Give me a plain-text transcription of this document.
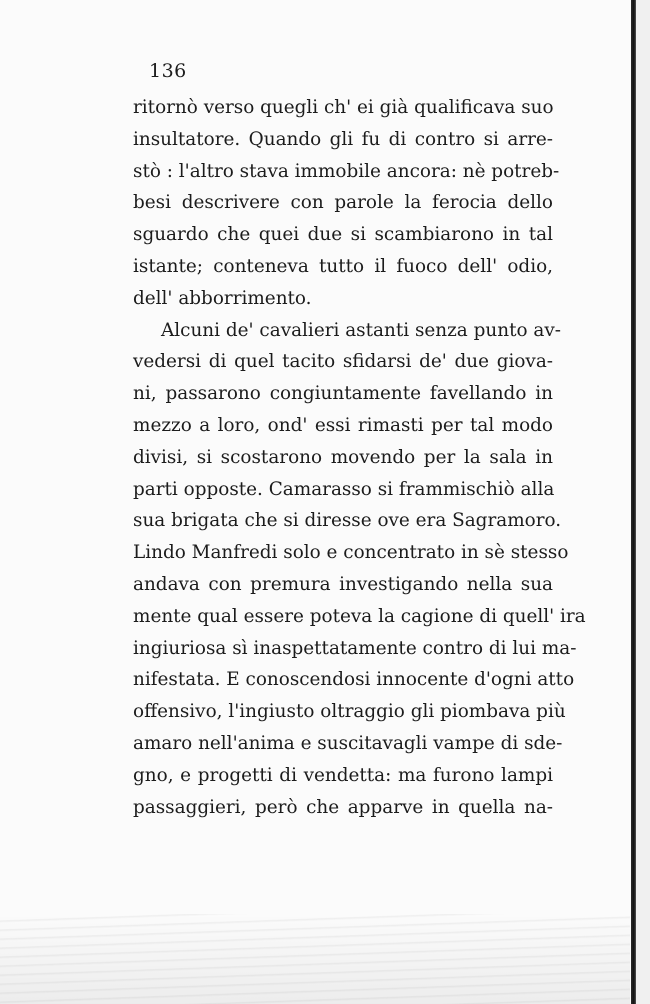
136
ritornò verso quegli ch' ei già qualificava suo
insultatore. Quando gli fu di contro si arre-
stò : l'altro stava immobile ancora: nè potreb-
besi descrivere con parole la ferocia dello
sguardo che quei due si scambiarono in tal
istante; conteneva tutto il fuoco dell' odio,
dell' abborrimento.
Alcuni de' cavalieri astanti senza punto av-
vedersi di quel tacito sfidarsi de' due giova-
ni, passarono congiuntamente favellando in
mezzo a loro, ond' essi rimasti per tal modo
divisi, si scostarono movendo per la sala in
parti opposte. Camarasso si frammischiò alla
sua brigata che si diresse ove era Sagramoro.
Lindo Manfredi solo e concentrato in sè stesso
andava con premura investigando nella sua
mente qual essere poteva la cagione di quell' ira
ingiuriosa sì inaspettatamente contro di lui ma-
nifestata. E conoscendosi innocente d'ogni atto
offensivo, l'ingiusto oltraggio gli piombava più
amaro nell'anima e suscitavagli vampe di sde-
gno, e progetti di vendetta: ma furono lampi
passaggieri, però che apparve in quella na-
